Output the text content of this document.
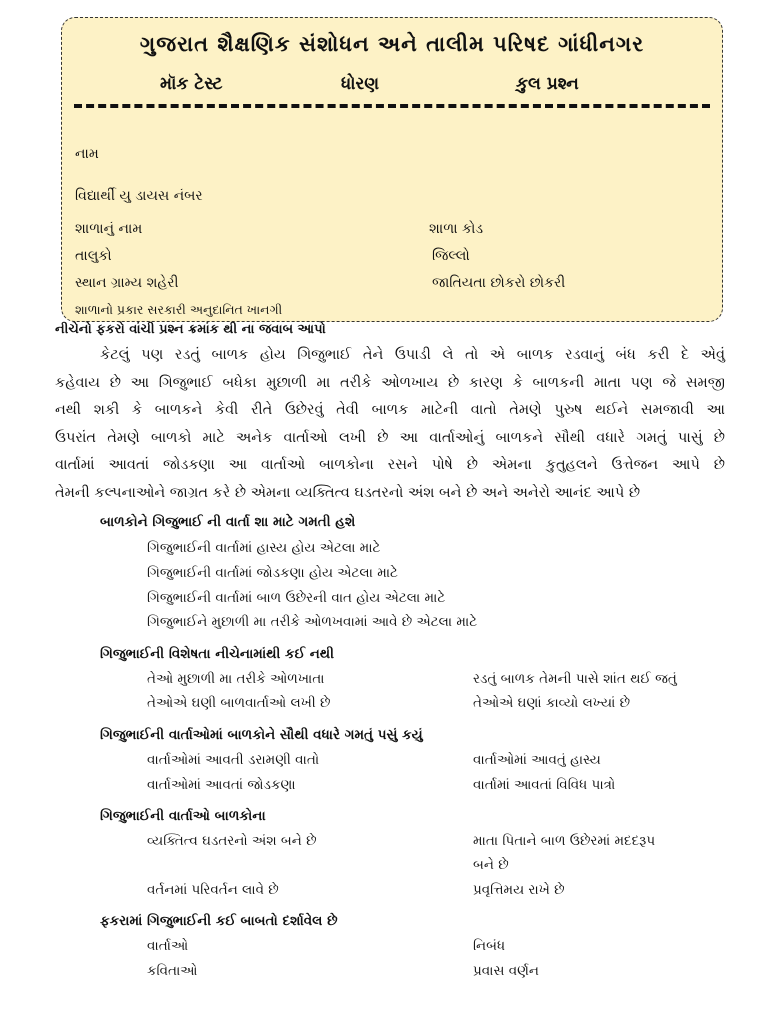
ગુજરાત શૈક્ષણિક સંશોધન અને તાલીમ પરિષદ ગાંધીનગર
મૉક ટેસ્ટ	ધોરણ	કુલ પ્રશ્ન
નામ
વિદ્યાર્થી યુ ડાયસ નંબર
શાળાનું નામ	શાળા કોડ
તાલુકો	જિલ્લો
સ્થાન ગ્રામ્ય શહેરી	જાતિયતા છોકરો છોકરી
શાળાનો પ્રકાર સરકારી અનુદાનિત ખાનગી
નીચેનો ફકરો વાંચી પ્રશ્ન ક્રમાંક થી ના જવાબ આપો
કેટલું પણ રડતું બાળક હોય ગિજુભાઈ તેને ઉપાડી લે તો એ બાળક રડવાનું બંધ કરી દે એવું
કહેવાય છે આ ગિજુભાઈ બધેકા મુછાળી મા તરીકે ઓળખાય છે કારણ કે બાળકની માતા પણ જે સમજી
નથી શકી કે બાળકને કેવી રીતે ઉછેરવું તેવી બાળક માટેની વાતો તેમણે પુરુષ થઈને સમજાવી આ
ઉપરાંત તેમણે બાળકો માટે અનેક વાર્તાઓ લખી છે આ વાર્તાઓનું બાળકને સૌથી વધારે ગમતું પાસું છે
વાર્તામાં આવતાં જોડકણા આ વાર્તાઓ બાળકોના રસને પોષે છે એમના કુતુહલને ઉત્તેજન આપે છે
તેમની કલ્પનાઓને જાગ્રત કરે છે એમના વ્યક્તિત્વ ઘડતરનો અંશ બને છે અને અનેરો આનંદ આપે છે
બાળકોને ગિજુભાઈ ની વાર્તા શા માટે ગમતી હશે
ગિજુભાઈની વાર્તામાં હાસ્ય હોય એટલા માટે
ગિજુભાઈની વાર્તામાં જોડકણા હોય એટલા માટે
ગિજુભાઈની વાર્તામાં બાળ ઉછેરની વાત હોય એટલા માટે
ગિજુભાઈને મુછાળી મા તરીકે ઓળખવામાં આવે છે એટલા માટે
ગિજુભાઈની વિશેષતા નીચેનામાંથી કઈ નથી
તેઓ મુછાળી મા તરીકે ઓળખાતા	રડતું બાળક તેમની પાસે શાંત થઈ જતું
તેઓએ ઘણી બાળવાર્તાઓ લખી છે	તેઓએ ઘણાં કાવ્યો લખ્યાં છે
ગિજુભાઈની વાર્તાઓમાં બાળકોને સૌથી વધારે ગમતું પસું કયું
વાર્તાઓમાં આવતી ડરામણી વાતો	વાર્તાઓમાં આવતું હાસ્ય
વાર્તાઓમાં આવતાં જોડકણા	વાર્તામાં આવતાં વિવિધ પાત્રો
ગિજુભાઈની વાર્તાઓ બાળકોના
વ્યક્તિત્વ ઘડતરનો અંશ બને છે	માતા પિતાને બાળ ઉછેરમાં મદદરૂપ
બને છે
વર્તનમાં પરિવર્તન લાવે છે	પ્રવૃત્તિમય રાખે છે
ફકરામાં ગિજુભાઈની કઈ બાબતો દર્શાવેલ છે
વાર્તાઓ	નિબંધ
કવિતાઓ	પ્રવાસ વર્ણન
